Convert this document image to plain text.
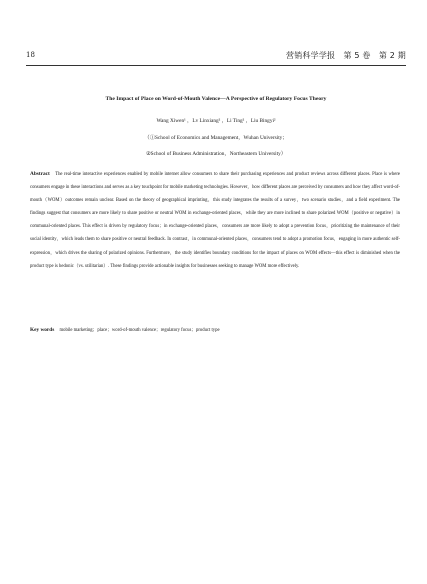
18	营销科学学报　第 5 卷　第 2 期
The Impact of Place on Word-of-Mouth Valence—A Perspective of Regulatory Focus Theory
Wang Xiwen¹ ，Lv Linxiang² ，Li Ting² ，Liu Bingyi²
（①School of Economics and Management，Wuhan University；
②School of Business Administration，Northeastern University）

Abstract The real-time interactive experiences enabled by mobile internet allow consumers to share their purchasing experiences and product reviews across different places. Place is where consumers engage in these interactions and serves as a key touchpoint for mobile marketing technologies. However，how different places are perceived by consumers and how they affect word-of-mouth（WOM）outcomes remain unclear. Based on the theory of geographical imprinting，this study integrates the results of a survey，two scenario studies，and a field experiment. The findings suggest that consumers are more likely to share positive or neutral WOM in exchange-oriented places，while they are more inclined to share polarized WOM（positive or negative）in communal-oriented places. This effect is driven by regulatory focus；in exchange-oriented places，consumers are more likely to adopt a prevention focus，prioritizing the maintenance of their social identity，which leads them to share positive or neutral feedback. In contrast，in communal-oriented places，consumers tend to adopt a promotion focus，engaging in more authentic self-expression，which drives the sharing of polarized opinions. Furthermore，the study identifies boundary conditions for the impact of places on WOM effects—this effect is diminished when the product type is hedonic（vs. utilitarian）. These findings provide actionable insights for businesses seeking to manage WOM more effectively.

Key words mobile marketing；place；word-of-mouth valence；regulatory focus；product type
